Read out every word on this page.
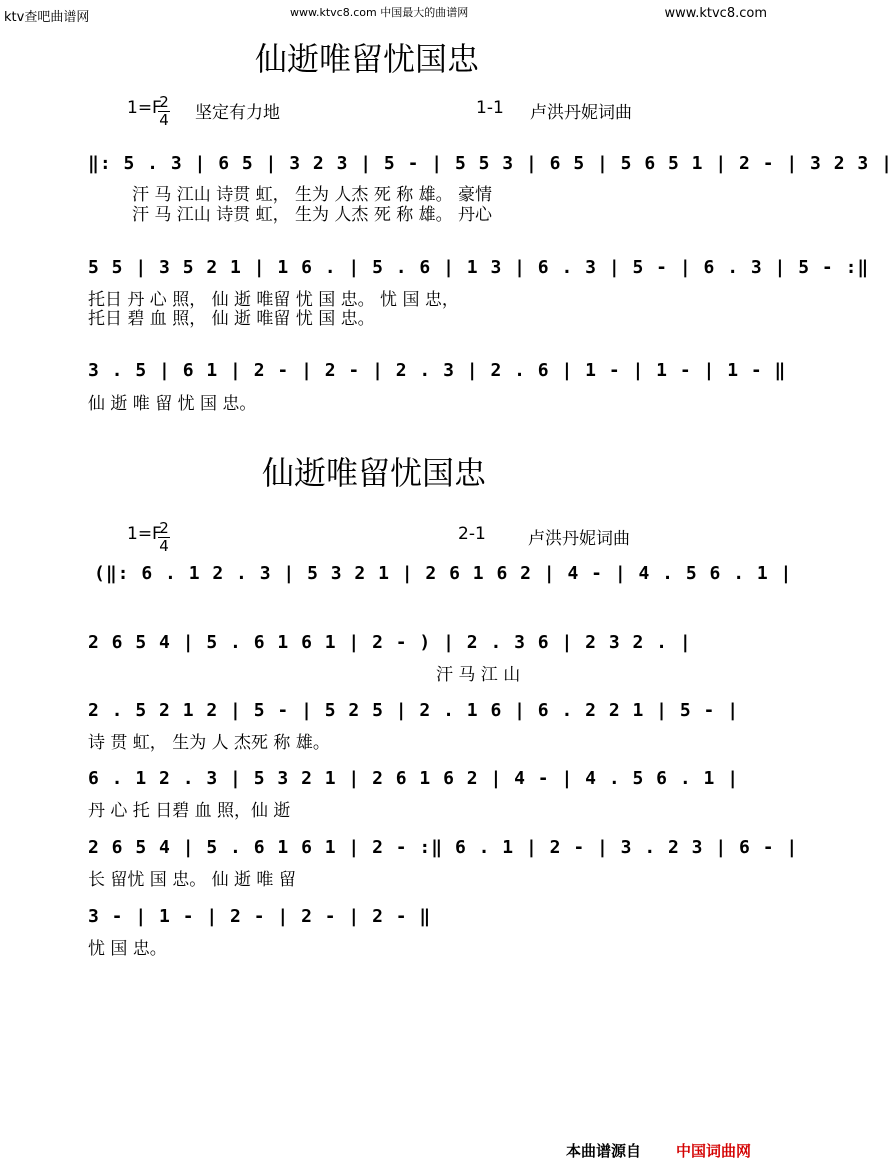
ktv查吧曲谱网	www.ktvc8.com 中国最大的曲谱网	www.ktvc8.com
仙逝唯留忧国忠
1=F
2
4 坚定有力地	1-1 卢洪丹妮词曲
‖: 5 . 3 | 6 5 | 3 2 3 | 5 - | 5 5 3 | 6 5 | 5 6 5 1 | 2 - | 3 2 3 |
汗 马 江山 诗贯 虹， 生为 人杰 死 称 雄。 豪情
汗 马 江山 诗贯 虹， 生为 人杰 死 称 雄。 丹心
5 5 | 3 5 2 1 | 1 6 . | 5 . 6 | 1 3 | 6 . 3 | 5 - | 6 . 3 | 5 - :‖
托日 丹 心 照， 仙 逝 唯留 忧 国 忠。 忧 国 忠，
托日 碧 血 照， 仙 逝 唯留 忧 国 忠。
3 . 5 | 6 1 | 2 - | 2 - | 2 . 3 | 2 . 6 | 1 - | 1 - | 1 - ‖
仙 逝 唯 留 忧 国 忠。
仙逝唯留忧国忠
1=F
2
4
2-1 卢洪丹妮词曲
(‖: 6 . 1 2 . 3 | 5 3 2 1 | 2 6 1 6 2 | 4 - | 4 . 5 6 . 1 |
2 6 5 4 | 5 . 6 1 6 1 | 2 - ) | 2 . 3 6 | 2 3 2 . |
汗 马 江 山
2 . 5 2 1 2 | 5 - | 5 2 5 | 2 . 1 6 | 6 . 2 2 1 | 5 - |
诗 贯 虹， 生为 人 杰死 称 雄。
6 . 1 2 . 3 | 5 3 2 1 | 2 6 1 6 2 | 4 - | 4 . 5 6 . 1 |
丹 心 托 日碧 血 照，仙 逝
2 6 5 4 | 5 . 6 1 6 1 | 2 - :‖ 6 . 1 | 2 - | 3 . 2 3 | 6 - |
长 留忧 国 忠。 仙 逝 唯 留
3 - | 1 - | 2 - | 2 - | 2 - ‖
忧 国 忠。
本曲谱源自 中国词曲网
